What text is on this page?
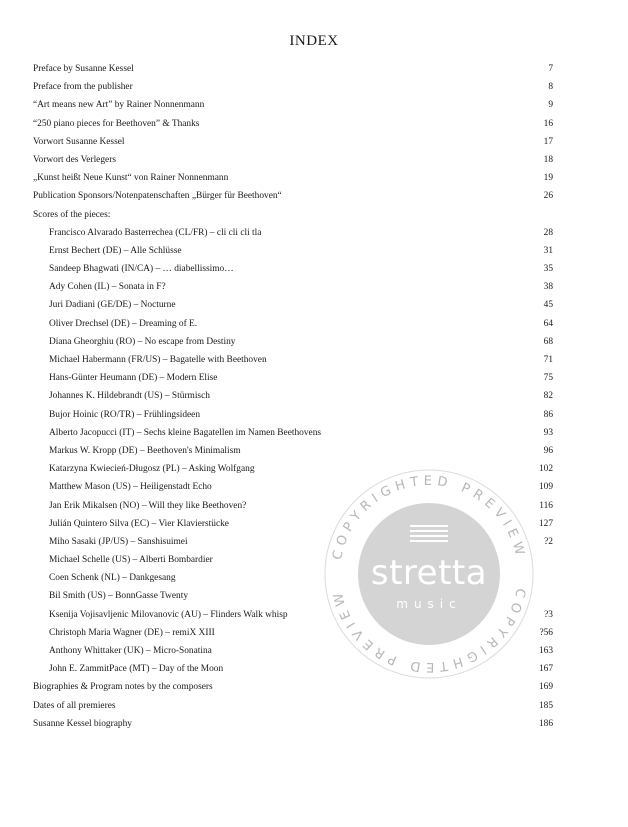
INDEX
Preface by Susanne Kessel	7
Preface from the publisher	8
“Art means new Art” by Rainer Nonnenmann	9
“250 piano pieces for Beethoven” & Thanks	16
Vorwort Susanne Kessel	17
Vorwort des Verlegers	18
„Kunst heißt Neue Kunst“ von Rainer Nonnenmann	19
Publication Sponsors/Notenpatenschaften „Bürger für Beethoven“	26
Scores of the pieces:
Francisco Alvarado Basterrechea (CL/FR) – cli cli cli tla	28
Ernst Bechert (DE) – Alle Schlüsse	31
Sandeep Bhagwati (IN/CA) – … diabellissimo…	35
Ady Cohen (IL) – Sonata in F?	38
Juri Dadiani (GE/DE) – Nocturne	45
Oliver Drechsel (DE) – Dreaming of E.	64
Diana Gheorghiu (RO) – No escape from Destiny	68
Michael Habermann (FR/US) – Bagatelle with Beethoven	71
Hans-Günter Heumann (DE) – Modern Elise	75
Johannes K. Hildebrandt (US) – Stürmisch	82
Bujor Hoinic (RO/TR) – Frühlingsideen	86
Alberto Jacopucci (IT) – Sechs kleine Bagatellen im Namen Beethovens	93
Markus W. Kropp (DE) – Beethoven's Minimalism	96
Katarzyna Kwiecień-Długosz (PL) – Asking Wolfgang	102
Matthew Mason (US) – Heiligenstadt Echo	109
Jan Erik Mikalsen (NO) – Will they like Beethoven?	116
Julián Quintero Silva (EC) – Vier Klavierstücke	127
Miho Sasaki (JP/US) – Sanshisuimei	?2
Michael Schelle (US) – Alberti Bombardier
Coen Schenk (NL) – Dankgesang
Bil Smith (US) – BonnGasse Twenty
Ksenija Vojisavljenic Milovanovic (AU) – Flinders Walk whisp	?3
Christoph Maria Wagner (DE) – remiX XIII	?56
Anthony Whittaker (UK) – Micro-Sonatina	163
John E. ZammitPace (MT) – Day of the Moon	167
Biographies & Program notes by the composers	169
Dates of all premieres	185
Susanne Kessel biography	186
COPYRIGHTED PREVIEW
COPYRIGHTED PREVIEW
stretta
music
